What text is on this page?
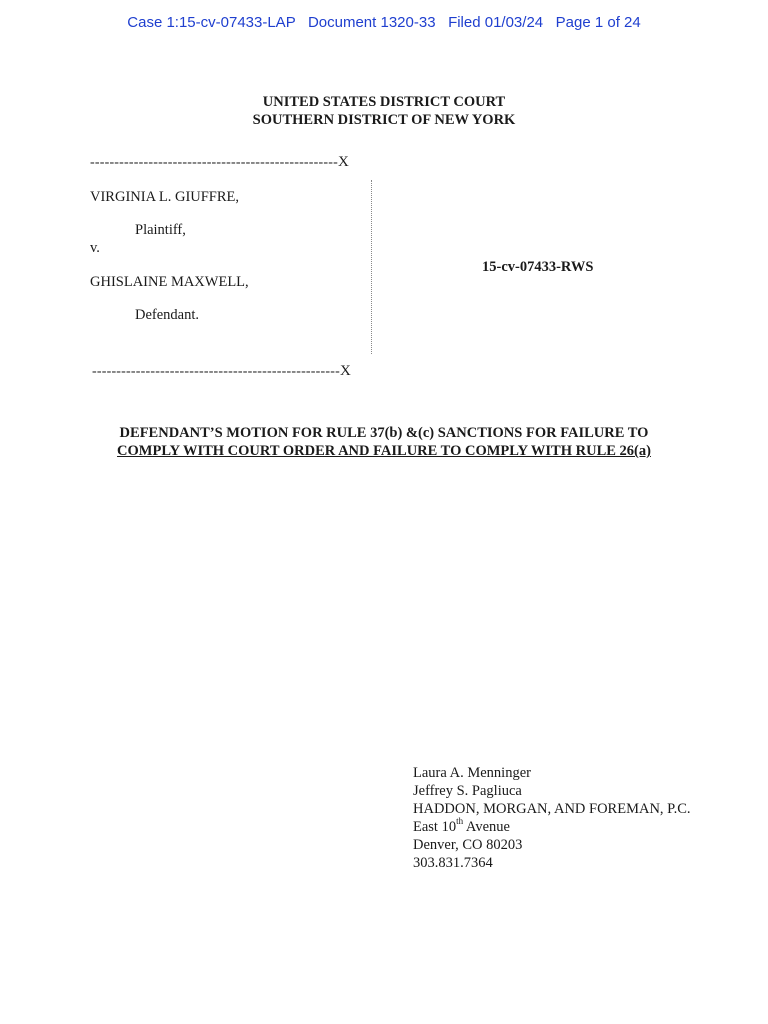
Case 1:15-cv-07433-LAP Document 1320-33 Filed 01/03/24 Page 1 of 24
UNITED STATES DISTRICT COURT
SOUTHERN DISTRICT OF NEW YORK
---------------------------------------------------X
VIRGINIA L. GIUFFRE,
Plaintiff,
v.
GHISLAINE MAXWELL,
Defendant.
15-cv-07433-RWS
---------------------------------------------------X
DEFENDANT’S MOTION FOR RULE 37(b) &(c) SANCTIONS FOR FAILURE TO
COMPLY WITH COURT ORDER AND FAILURE TO COMPLY WITH RULE 26(a)
Laura A. Menninger
Jeffrey S. Pagliuca
HADDON, MORGAN, AND FOREMAN, P.C.
East 10th Avenue
Denver, CO 80203
303.831.7364
